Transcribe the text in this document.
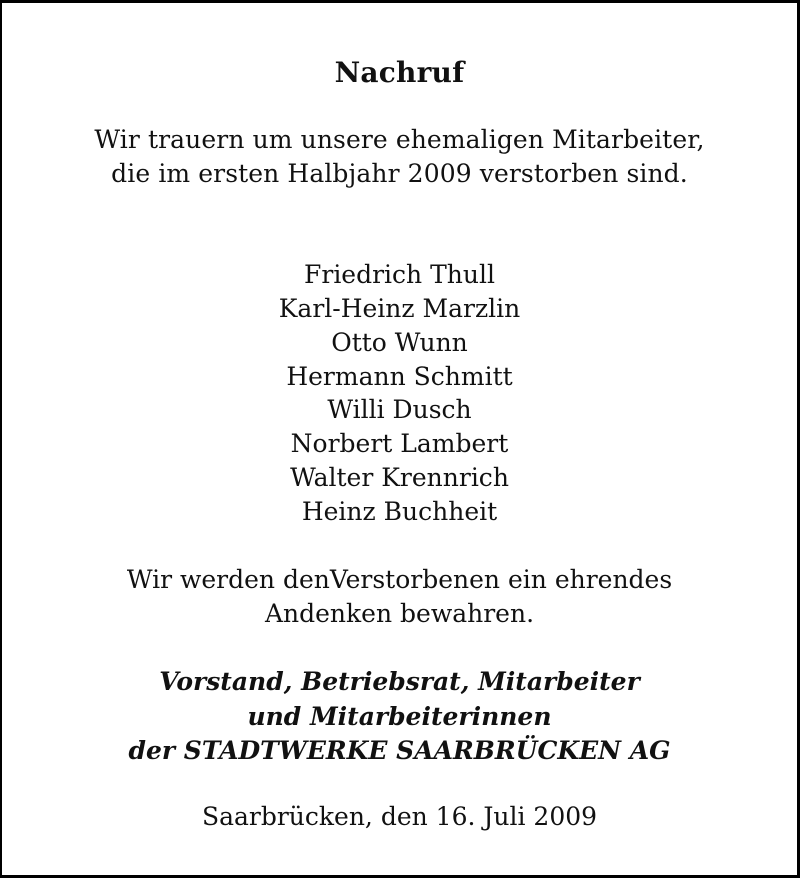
Nachruf
Wir trauern um unsere ehemaligen Mitarbeiter,
die im ersten Halbjahr 2009 verstorben sind.
Friedrich Thull
Karl-Heinz Marzlin
Otto Wunn
Hermann Schmitt
Willi Dusch
Norbert Lambert
Walter Krennrich
Heinz Buchheit
Wir werden denVerstorbenen ein ehrendes
Andenken bewahren.
Vorstand, Betriebsrat, Mitarbeiter
und Mitarbeiterinnen
der STADTWERKE SAARBRÜCKEN AG
Saarbrücken, den 16. Juli 2009
